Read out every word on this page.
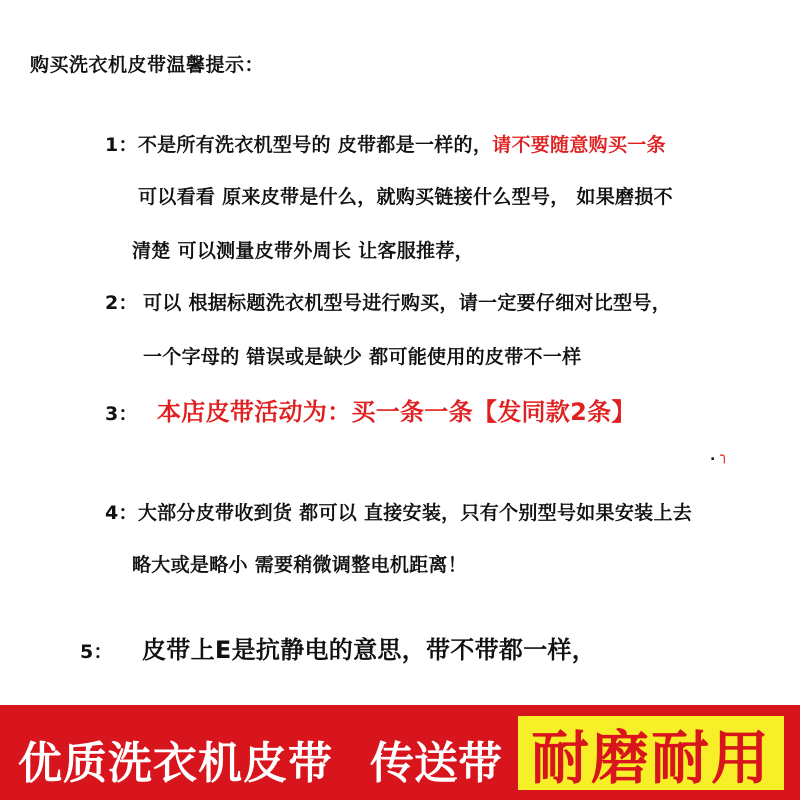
购买洗衣机皮带温馨提示：
1：不是所有洗衣机型号的 皮带都是一样的，请不要随意购买一条
可以看看 原来皮带是什么，就购买链接什么型号， 如果磨损不
清楚 可以测量皮带外周长 让客服推荐，
2： 可以 根据标题洗衣机型号进行购买，请一定要仔细对比型号，
一个字母的 错误或是缺少 都可能使用的皮带不一样
3： 本店皮带活动为：买一条一条【发同款2条】
. ╮
4：大部分皮带收到货 都可以 直接安装，只有个别型号如果安装上去
略大或是略小 需要稍微调整电机距离！
5： 皮带上E是抗静电的意思，带不带都一样，
优质洗衣机皮带 传送带 耐磨耐用
